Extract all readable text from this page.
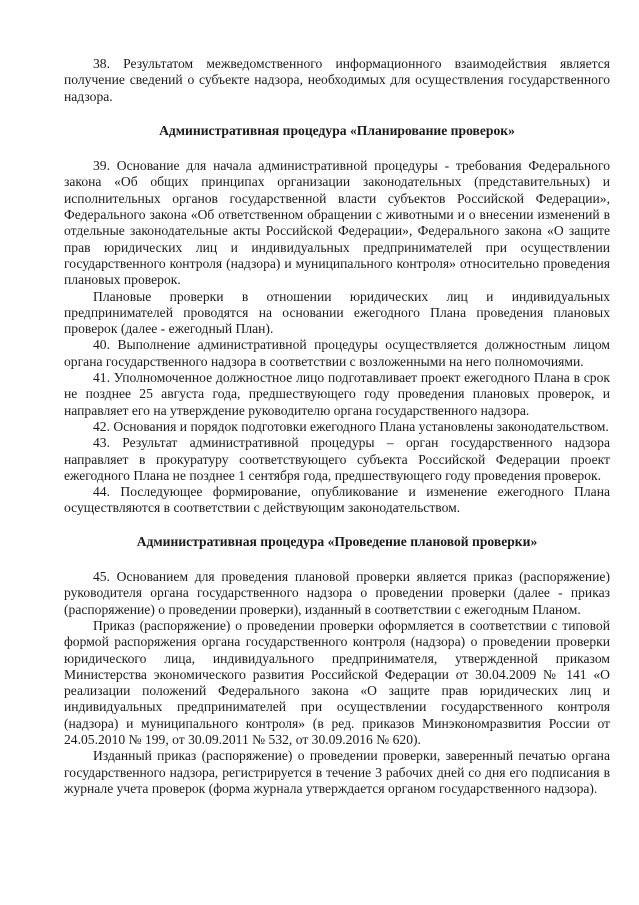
38. Результатом межведомственного информационного взаимодействия является получение сведений о субъекте надзора, необходимых для осуществления государственного надзора.

Административная процедура «Планирование проверок»

39. Основание для начала административной процедуры - требования Федерального закона «Об общих принципах организации законодательных (представительных) и исполнительных органов государственной власти субъектов Российской Федерации», Федерального закона «Об ответственном обращении с животными и о внесении изменений в отдельные законодательные акты Российской Федерации», Федерального закона «О защите прав юридических лиц и индивидуальных предпринимателей при осуществлении государственного контроля (надзора) и муниципального контроля» относительно проведения плановых проверок.

Плановые проверки в отношении юридических лиц и индивидуальных предпринимателей проводятся на основании ежегодного Плана проведения плановых проверок (далее - ежегодный План).

40. Выполнение административной процедуры осуществляется должностным лицом органа государственного надзора в соответствии с возложенными на него полномочиями.

41. Уполномоченное должностное лицо подготавливает проект ежегодного Плана в срок не позднее 25 августа года, предшествующего году проведения плановых проверок, и направляет его на утверждение руководителю органа государственного надзора.

42. Основания и порядок подготовки ежегодного Плана установлены законодательством.

43. Результат административной процедуры – орган государственного надзора направляет в прокуратуру соответствующего субъекта Российской Федерации проект ежегодного Плана не позднее 1 сентября года, предшествующего году проведения проверок.

44. Последующее формирование, опубликование и изменение ежегодного Плана осуществляются в соответствии с действующим законодательством.

Административная процедура «Проведение плановой проверки»

45. Основанием для проведения плановой проверки является приказ (распоряжение) руководителя органа государственного надзора о проведении проверки (далее - приказ (распоряжение) о проведении проверки), изданный в соответствии с ежегодным Планом.

Приказ (распоряжение) о проведении проверки оформляется в соответствии с типовой формой распоряжения органа государственного контроля (надзора) о проведении проверки юридического лица, индивидуального предпринимателя, утвержденной приказом Министерства экономического развития Российской Федерации от 30.04.2009 № 141 «О реализации положений Федерального закона «О защите прав юридических лиц и индивидуальных предпринимателей при осуществлении государственного контроля (надзора) и муниципального контроля» (в ред. приказов Минэкономразвития России от 24.05.2010 № 199, от 30.09.2011 № 532, от 30.09.2016 № 620).

Изданный приказ (распоряжение) о проведении проверки, заверенный печатью органа государственного надзора, регистрируется в течение 3 рабочих дней со дня его подписания в журнале учета проверок (форма журнала утверждается органом государственного надзора).
